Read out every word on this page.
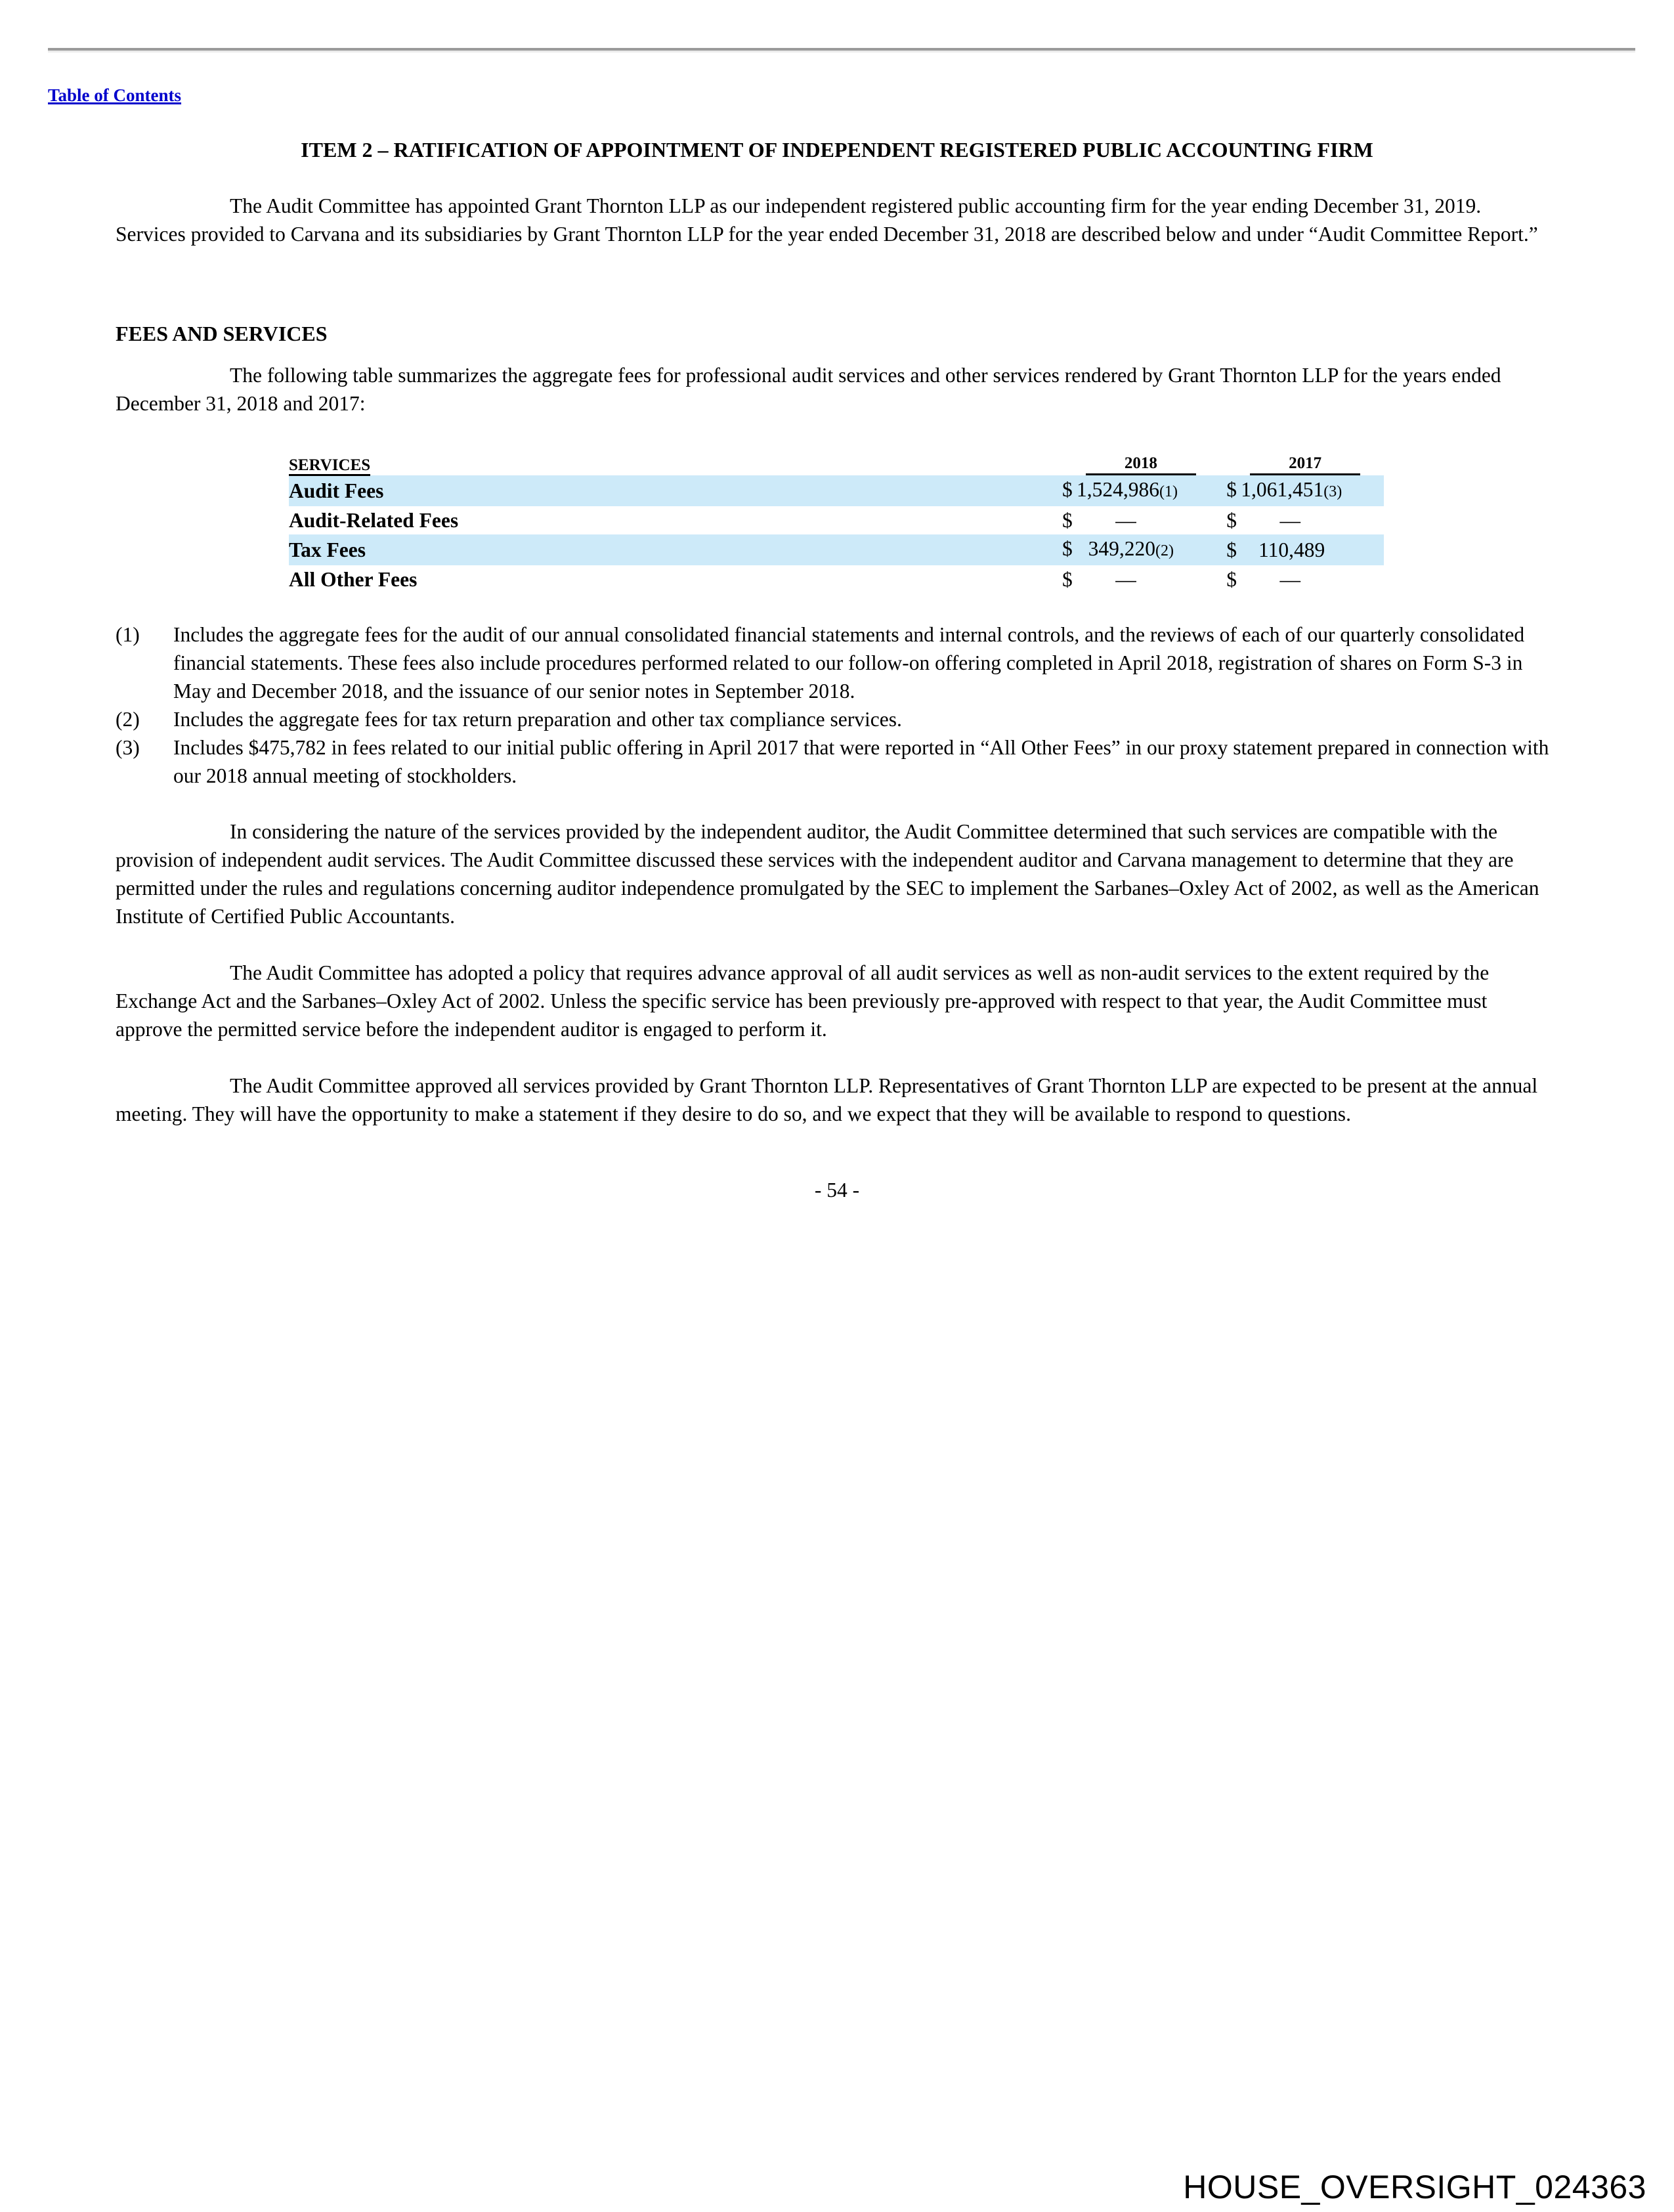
Table of Contents
ITEM 2 – RATIFICATION OF APPOINTMENT OF INDEPENDENT REGISTERED PUBLIC ACCOUNTING FIRM

The Audit Committee has appointed Grant Thornton LLP as our independent registered public accounting firm for the year ending December 31, 2019. Services provided to Carvana and its subsidiaries by Grant Thornton LLP for the year ended December 31, 2018 are described below and under “Audit Committee Report.”

FEES AND SERVICES

The following table summarizes the aggregate fees for professional audit services and other services rendered by Grant Thornton LLP for the years ended December 31, 2018 and 2017:

SERVICES	2018		2017
Audit Fees	$ 1,524,986 (1)		$ 1,061,451 (3)

Audit-Related Fees	$ —		$ —

Tax Fees	$ 349,220 (2)		$ 110,489

All Other Fees	$ —		$ —
(1)	Includes the aggregate fees for the audit of our annual consolidated financial statements and internal controls, and the reviews of each of our quarterly consolidated financial statements. These fees also include procedures performed related to our follow-on offering completed in April 2018, registration of shares on Form S-3 in May and December 2018, and the issuance of our senior notes in September 2018.
(2)	Includes the aggregate fees for tax return preparation and other tax compliance services.
(3)	Includes $475,782 in fees related to our initial public offering in April 2017 that were reported in “All Other Fees” in our proxy statement prepared in connection with our 2018 annual meeting of stockholders.

In considering the nature of the services provided by the independent auditor, the Audit Committee determined that such services are compatible with the provision of independent audit services. The Audit Committee discussed these services with the independent auditor and Carvana management to determine that they are permitted under the rules and regulations concerning auditor independence promulgated by the SEC to implement the Sarbanes–Oxley Act of 2002, as well as the American Institute of Certified Public Accountants.

The Audit Committee has adopted a policy that requires advance approval of all audit services as well as non-audit services to the extent required by the Exchange Act and the Sarbanes–Oxley Act of 2002. Unless the specific service has been previously pre-approved with respect to that year, the Audit Committee must approve the permitted service before the independent auditor is engaged to perform it.

The Audit Committee approved all services provided by Grant Thornton LLP. Representatives of Grant Thornton LLP are expected to be present at the annual meeting. They will have the opportunity to make a statement if they desire to do so, and we expect that they will be available to respond to questions.

- 54 -
HOUSE_OVERSIGHT_024363
